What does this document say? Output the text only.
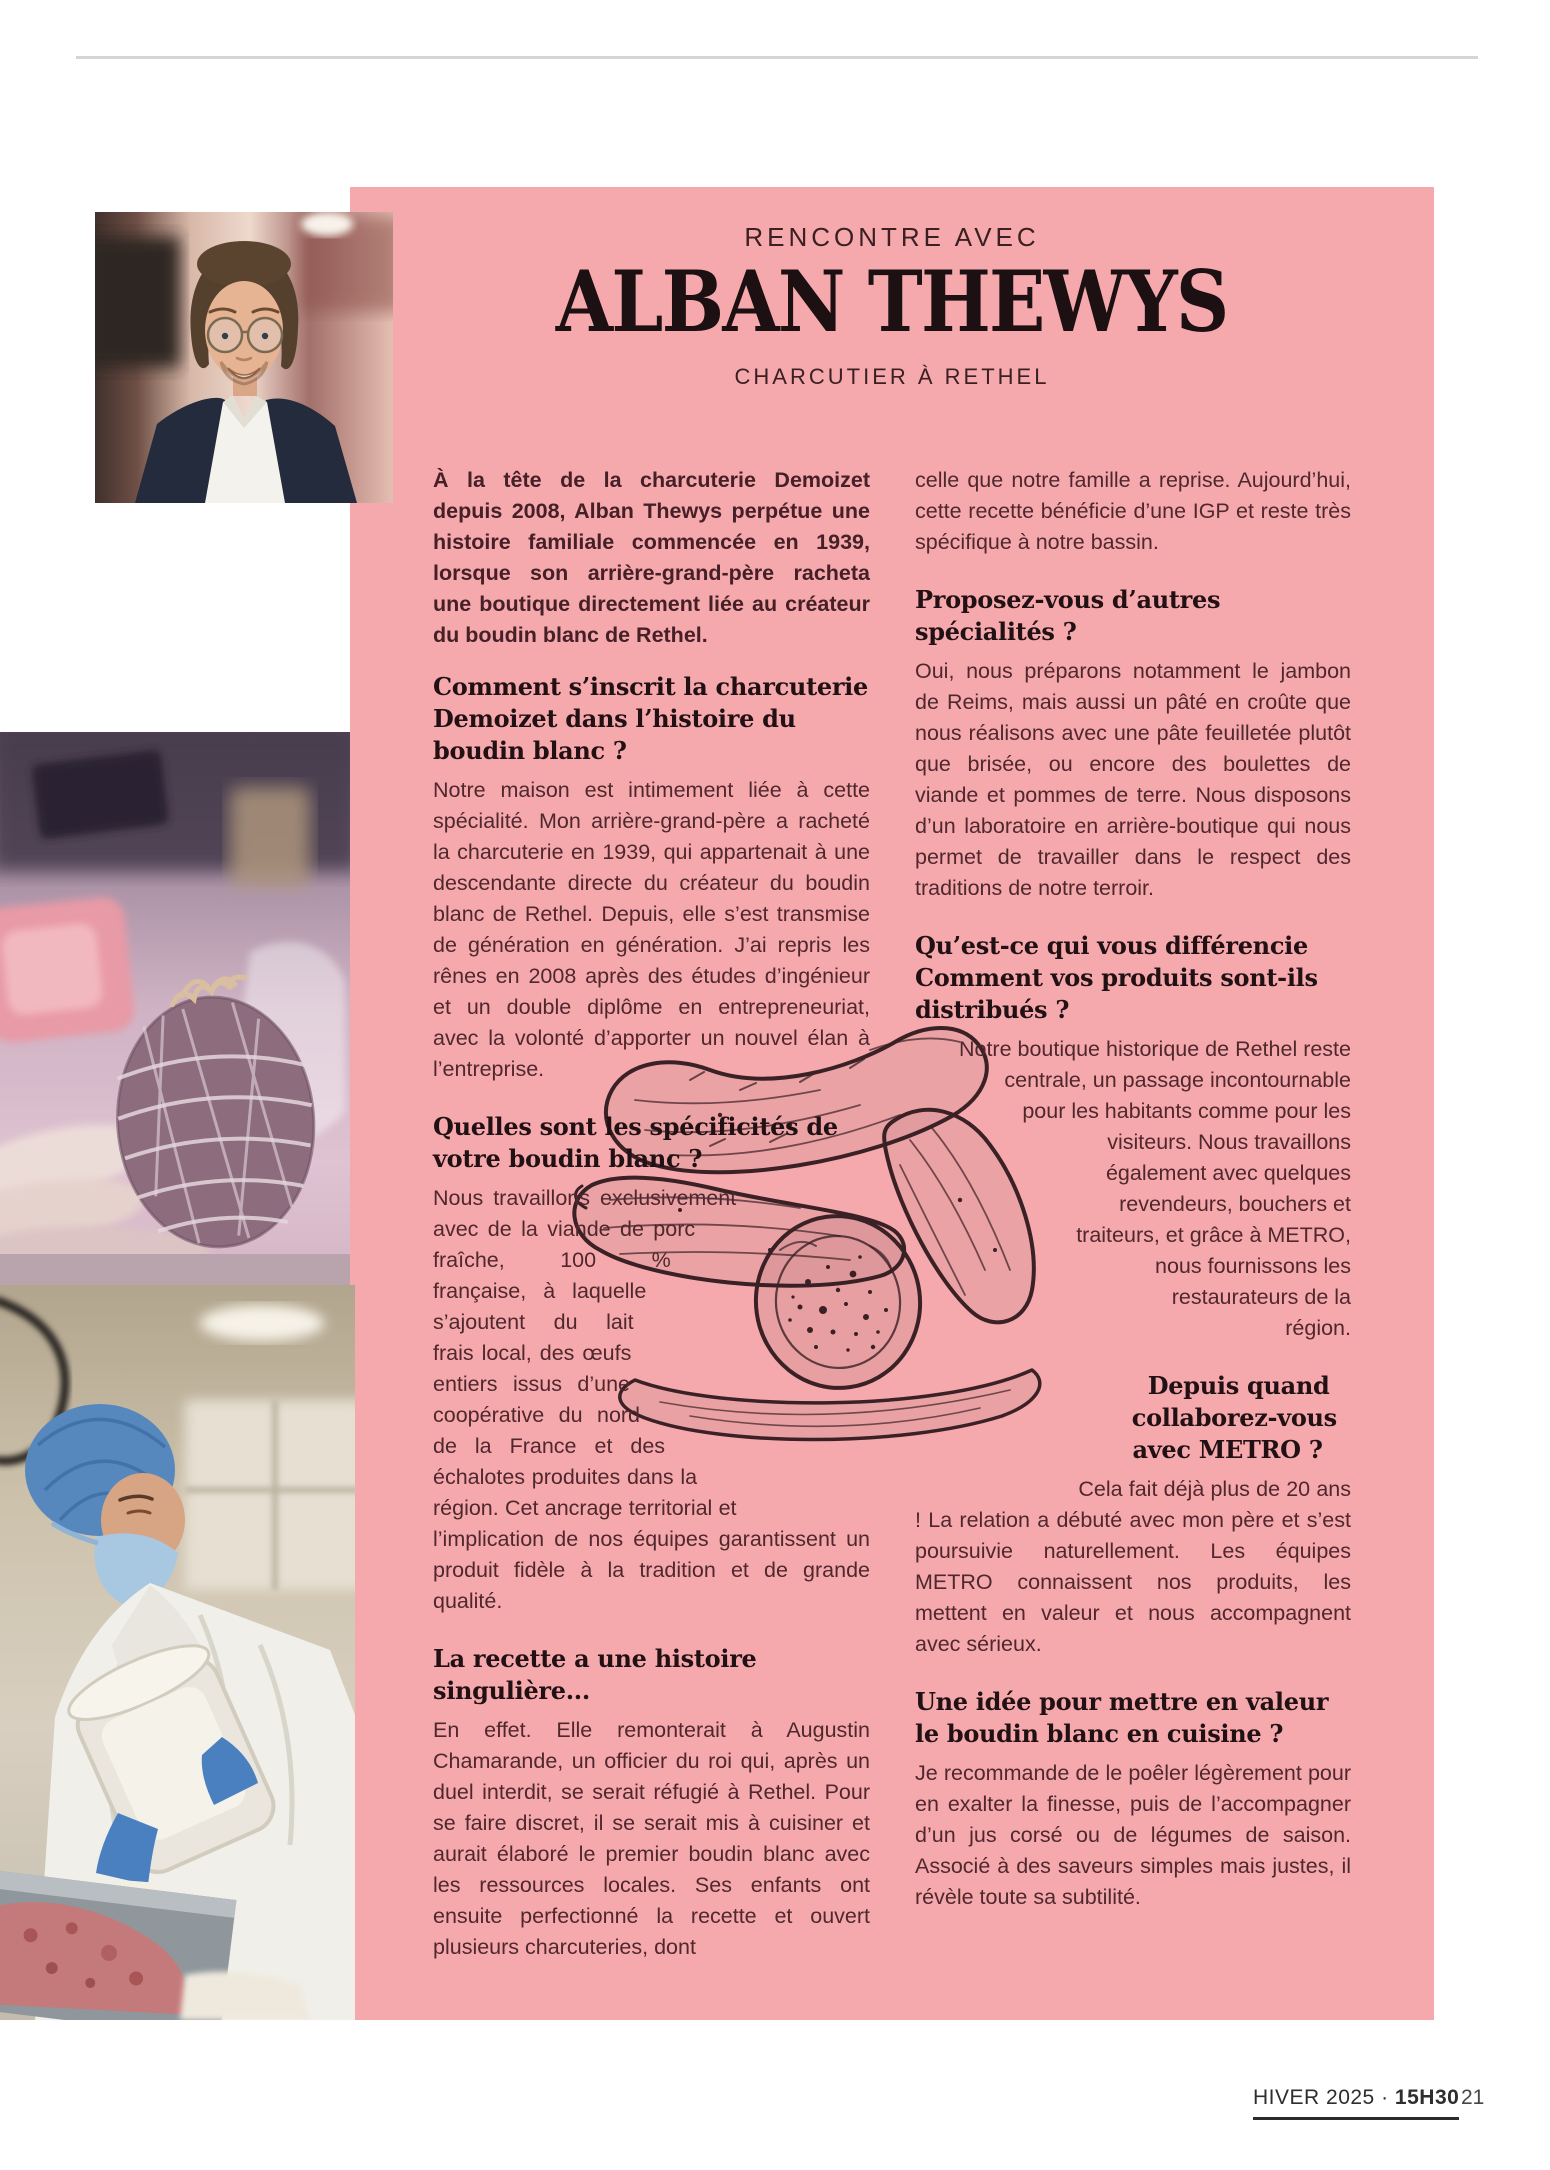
RENCONTRE AVEC
ALBAN THEWYS
CHARCUTIER À RETHEL

À la tête de la charcuterie Demoizet depuis 2008, Alban Thewys perpétue une histoire familiale commencée en 1939, lorsque son arrière-grand-père racheta une boutique directement liée au créateur du boudin blanc de Rethel.

Comment s’inscrit la charcuterie Demoizet dans l’histoire du boudin blanc ?

Notre maison est intimement liée à cette spécialité. Mon arrière-grand-père a racheté la charcuterie en 1939, qui appartenait à une descendante directe du créateur du boudin blanc de Rethel. Depuis, elle s’est transmise de génération en génération. J’ai repris les rênes en 2008 après des études d’ingénieur et un double diplôme en entrepreneuriat, avec la volonté d’apporter un nouvel élan à l’entreprise.

Quelles sont les spécificités de votre boudin blanc ?

Nous travaillons exclusivement avec de la viande de porc fraîche, 100 % française, à laquelle s’ajoutent du lait frais local, des œufs entiers issus d’une coopérative du nord de la France et des échalotes produites dans la région. Cet ancrage territorial et l’implication de nos équipes garantissent un produit fidèle à la tradition et de grande qualité.

La recette a une histoire singulière...

En effet. Elle remonterait à Augustin Chamarande, un officier du roi qui, après un duel interdit, se serait réfugié à Rethel. Pour se faire discret, il se serait mis à cuisiner et aurait élaboré le premier boudin blanc avec les ressources locales. Ses enfants ont ensuite perfectionné la recette et ouvert plusieurs charcuteries, dont

celle que notre famille a reprise. Aujourd’hui, cette recette bénéficie d’une IGP et reste très spécifique à notre bassin.

Proposez-vous d’autres spécialités ?

Oui, nous préparons notamment le jambon de Reims, mais aussi un pâté en croûte que nous réalisons avec une pâte feuilletée plutôt que brisée, ou encore des boulettes de viande et pommes de terre. Nous disposons d’un laboratoire en arrière-boutique qui nous permet de travailler dans le respect des traditions de notre terroir.

Qu’est-ce qui vous différencie Comment vos produits sont-ils distribués ?

Notre boutique historique de Rethel reste centrale, un passage incontournable pour les habitants comme pour les visiteurs. Nous travaillons également avec quelques revendeurs, bouchers et traiteurs, et grâce à METRO, nous fournissons les restaurateurs de la région.

Depuis quand collaborez-vous avec METRO ?

Cela fait déjà plus de 20 ans ! La relation a débuté avec mon père et s’est poursuivie naturellement. Les équipes METRO connaissent nos produits, les mettent en valeur et nous accompagnent avec sérieux.

Une idée pour mettre en valeur le boudin blanc en cuisine ?

Je recommande de le poêler légèrement pour en exalter la finesse, puis de l’accompagner d’un jus corsé ou de légumes de saison. Associé à des saveurs simples mais justes, il révèle toute sa subtilité.

HIVER 2025 · 15H30 21
